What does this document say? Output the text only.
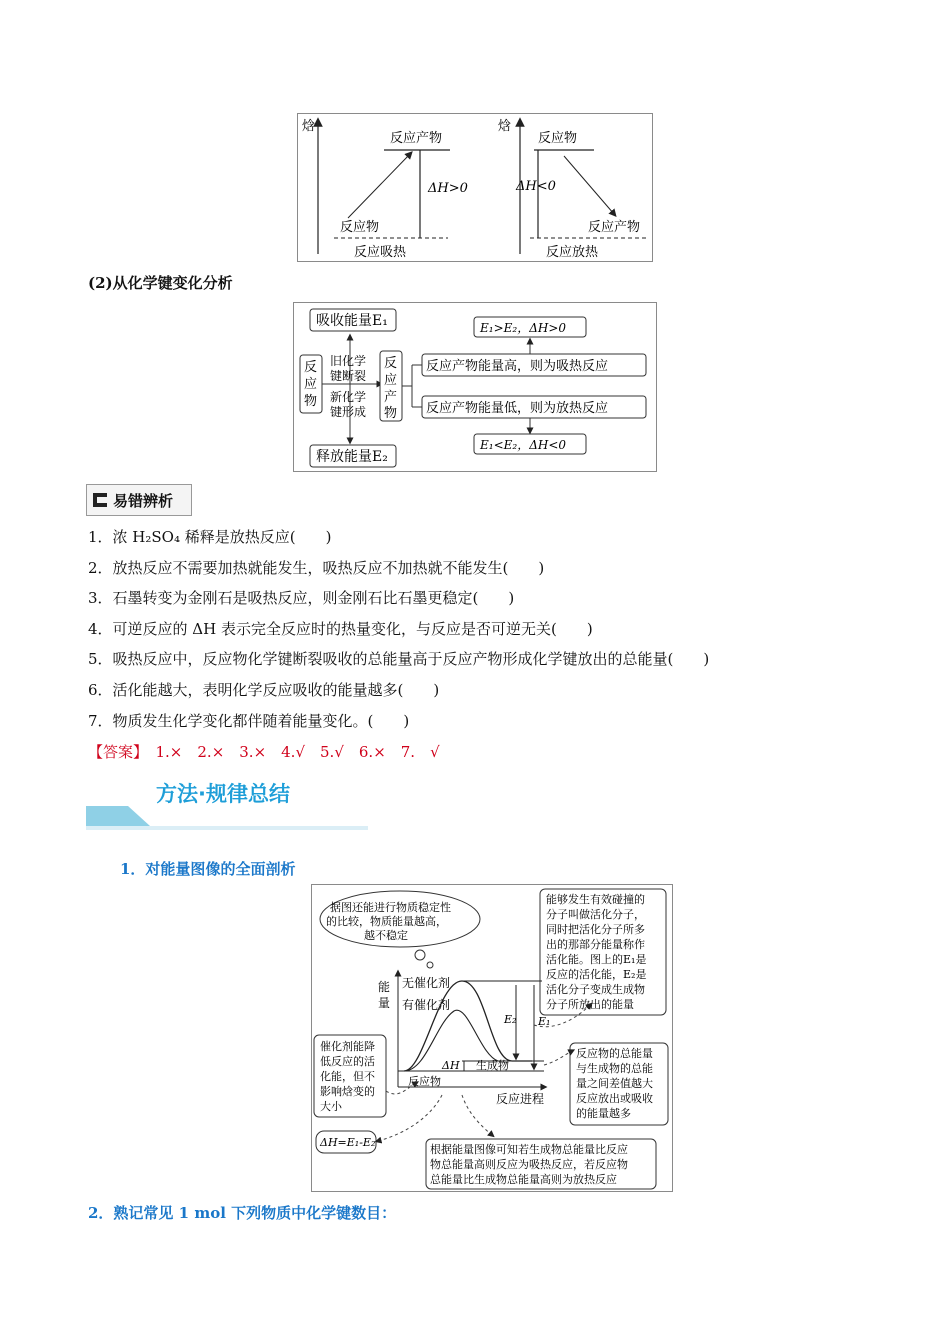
焓
反应产物
ΔH>0
反应物
反应吸热
焓
反应物
ΔH<0
反应产物
反应放热
(2)从化学键变化分析
吸收能量E₁
释放能量E₂
反
应
物
旧化学
键断裂
新化学
键形成
反
应
产
物
反应产物能量高，则为吸热反应
反应产物能量低，则为放热反应
E₁>E₂，ΔH>0
E₁<E₂，ΔH<0
易错辨析
1．浓 H₂SO₄ 稀释是放热反应(　　)
2．放热反应不需要加热就能发生，吸热反应不加热就不能发生(　　)
3．石墨转变为金刚石是吸热反应，则金刚石比石墨更稳定(　　)
4．可逆反应的 ΔH 表示完全反应时的热量变化，与反应是否可逆无关(　　)
5．吸热反应中，反应物化学键断裂吸收的总能量高于反应产物形成化学键放出的总能量(　　)
6．活化能越大，表明化学反应吸收的能量越多(　　)
7．物质发生化学变化都伴随着能量变化。(　　)
【答案】　1.×　2.×　3.×　4.√　5.√　6.×　7.　√
方法·规律总结
1．对能量图像的全面剖析
据图还能进行物质稳定性
的比较，物质能量越高，
越不稳定
能够发生有效碰撞的
分子叫做活化分子，
同时把活化分子所多
出的那部分能量称作
活化能。图上的E₁是
反应的活化能，E₂是
活化分子变成生成物
分子所放出的能量
能
量
无催化剂
有催化剂
E₂ E₁
ΔH 生成物
反应物
反应进程
催化剂能降
低反应的活
化能，但不
影响焓变的
大小
反应物的总能量
与生成物的总能
量之间差值越大
反应放出或吸收
的能量越多
ΔH=E₁-E₂
根据能量图像可知若生成物总能量比反应
物总能量高则反应为吸热反应，若反应物
总能量比生成物总能量高则为放热反应
2．熟记常见 1 mol 下列物质中化学键数目：
